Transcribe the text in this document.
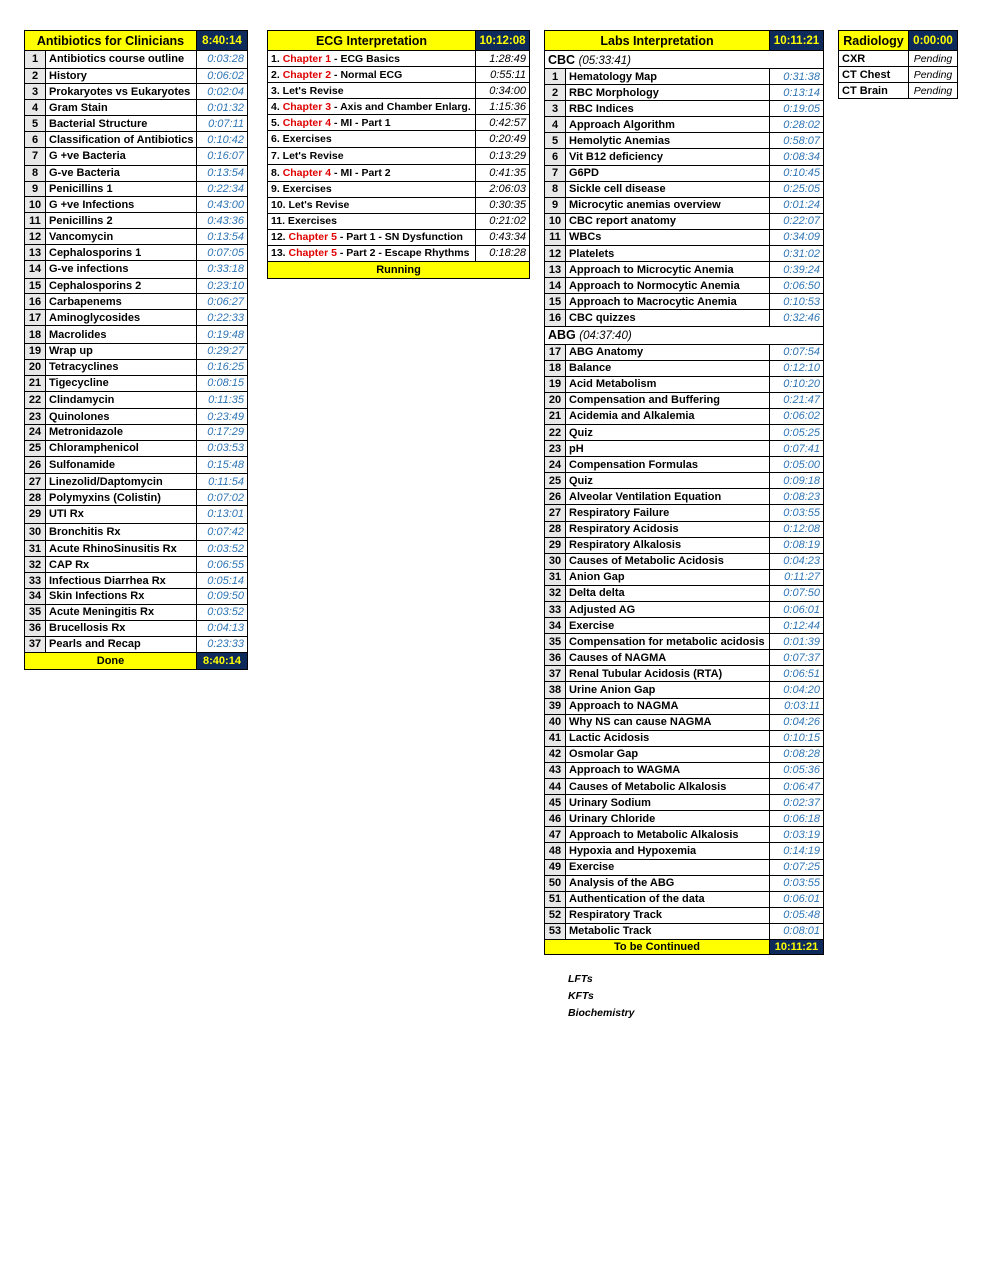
Antibiotics for Clinicians		8:40:14
1	Antibiotics course outline	0:03:28
2	History	0:06:02
3	Prokaryotes vs Eukaryotes	0:02:04
4	Gram Stain	0:01:32
5	Bacterial Structure	0:07:11
6	Classification of Antibiotics	0:10:42
7	G +ve Bacteria	0:16:07
8	G-ve Bacteria	0:13:54
9	Penicillins 1	0:22:34
10	G +ve Infections	0:43:00
11	Penicillins 2	0:43:36
12	Vancomycin	0:13:54
13	Cephalosporins 1	0:07:05
14	G-ve infections	0:33:18
15	Cephalosporins 2	0:23:10
16	Carbapenems	0:06:27
17	Aminoglycosides	0:22:33
18	Macrolides	0:19:48
19	Wrap up	0:29:27
20	Tetracyclines	0:16:25
21	Tigecycline	0:08:15
22	Clindamycin	0:11:35
23	Quinolones	0:23:49
24	Metronidazole	0:17:29
25	Chloramphenicol	0:03:53
26	Sulfonamide	0:15:48
27	Linezolid/Daptomycin	0:11:54
28	Polymyxins (Colistin)	0:07:02
29	UTI Rx	0:13:01
30	Bronchitis Rx	0:07:42
31	Acute RhinoSinusitis Rx	0:03:52
32	CAP Rx	0:06:55
33	Infectious Diarrhea Rx	0:05:14
34	Skin Infections Rx	0:09:50
35	Acute Meningitis Rx	0:03:52
36	Brucellosis Rx	0:04:13
37	Pearls and Recap	0:23:33
Done		8:40:14
ECG Interpretation	10:12:08
1. Chapter 1 - ECG Basics	1:28:49
2. Chapter 2 - Normal ECG	0:55:11
3. Let's Revise	0:34:00
4. Chapter 3 - Axis and Chamber Enlarg.	1:15:36
5. Chapter 4 - MI - Part 1	0:42:57
6. Exercises	0:20:49
7. Let's Revise	0:13:29
8. Chapter 4 - MI - Part 2	0:41:35
9. Exercises	2:06:03
10. Let's Revise	0:30:35
11. Exercises	0:21:02
12. Chapter 5 - Part 1 - SN Dysfunction	0:43:34
13. Chapter 5 - Part 2 - Escape Rhythms	0:18:28
Running	
Labs Interpretation		10:11:21
CBC (05:33:41)		
1	Hematology Map	0:31:38
2	RBC Morphology	0:13:14
3	RBC Indices	0:19:05
4	Approach Algorithm	0:28:02
5	Hemolytic Anemias	0:58:07
6	Vit B12 deficiency	0:08:34
7	G6PD	0:10:45
8	Sickle cell disease	0:25:05
9	Microcytic anemias overview	0:01:24
10	CBC report anatomy	0:22:07
11	WBCs	0:34:09
12	Platelets	0:31:02
13	Approach to Microcytic Anemia	0:39:24
14	Approach to Normocytic Anemia	0:06:50
15	Approach to Macrocytic Anemia	0:10:53
16	CBC quizzes	0:32:46
ABG (04:37:40)		
17	ABG Anatomy	0:07:54
18	Balance	0:12:10
19	Acid Metabolism	0:10:20
20	Compensation and Buffering	0:21:47
21	Acidemia and Alkalemia	0:06:02
22	Quiz	0:05:25
23	pH	0:07:41
24	Compensation Formulas	0:05:00
25	Quiz	0:09:18
26	Alveolar Ventilation Equation	0:08:23
27	Respiratory Failure	0:03:55
28	Respiratory Acidosis	0:12:08
29	Respiratory Alkalosis	0:08:19
30	Causes of Metabolic Acidosis	0:04:23
31	Anion Gap	0:11:27
32	Delta delta	0:07:50
33	Adjusted AG	0:06:01
34	Exercise	0:12:44
35	Compensation for metabolic acidosis	0:01:39
36	Causes of NAGMA	0:07:37
37	Renal Tubular Acidosis (RTA)	0:06:51
38	Urine Anion Gap	0:04:20
39	Approach to NAGMA	0:03:11
40	Why NS can cause NAGMA	0:04:26
41	Lactic Acidosis	0:10:15
42	Osmolar Gap	0:08:28
43	Approach to WAGMA	0:05:36
44	Causes of Metabolic Alkalosis	0:06:47
45	Urinary Sodium	0:02:37
46	Urinary Chloride	0:06:18
47	Approach to Metabolic Alkalosis	0:03:19
48	Hypoxia and Hypoxemia	0:14:19
49	Exercise	0:07:25
50	Analysis of the ABG	0:03:55
51	Authentication of the data	0:06:01
52	Respiratory Track	0:05:48
53	Metabolic Track	0:08:01
To be Continued		10:11:21
Radiology	0:00:00
CXR	Pending
CT Chest	Pending
CT Brain	Pending
LFTs
KFTs
Biochemistry
